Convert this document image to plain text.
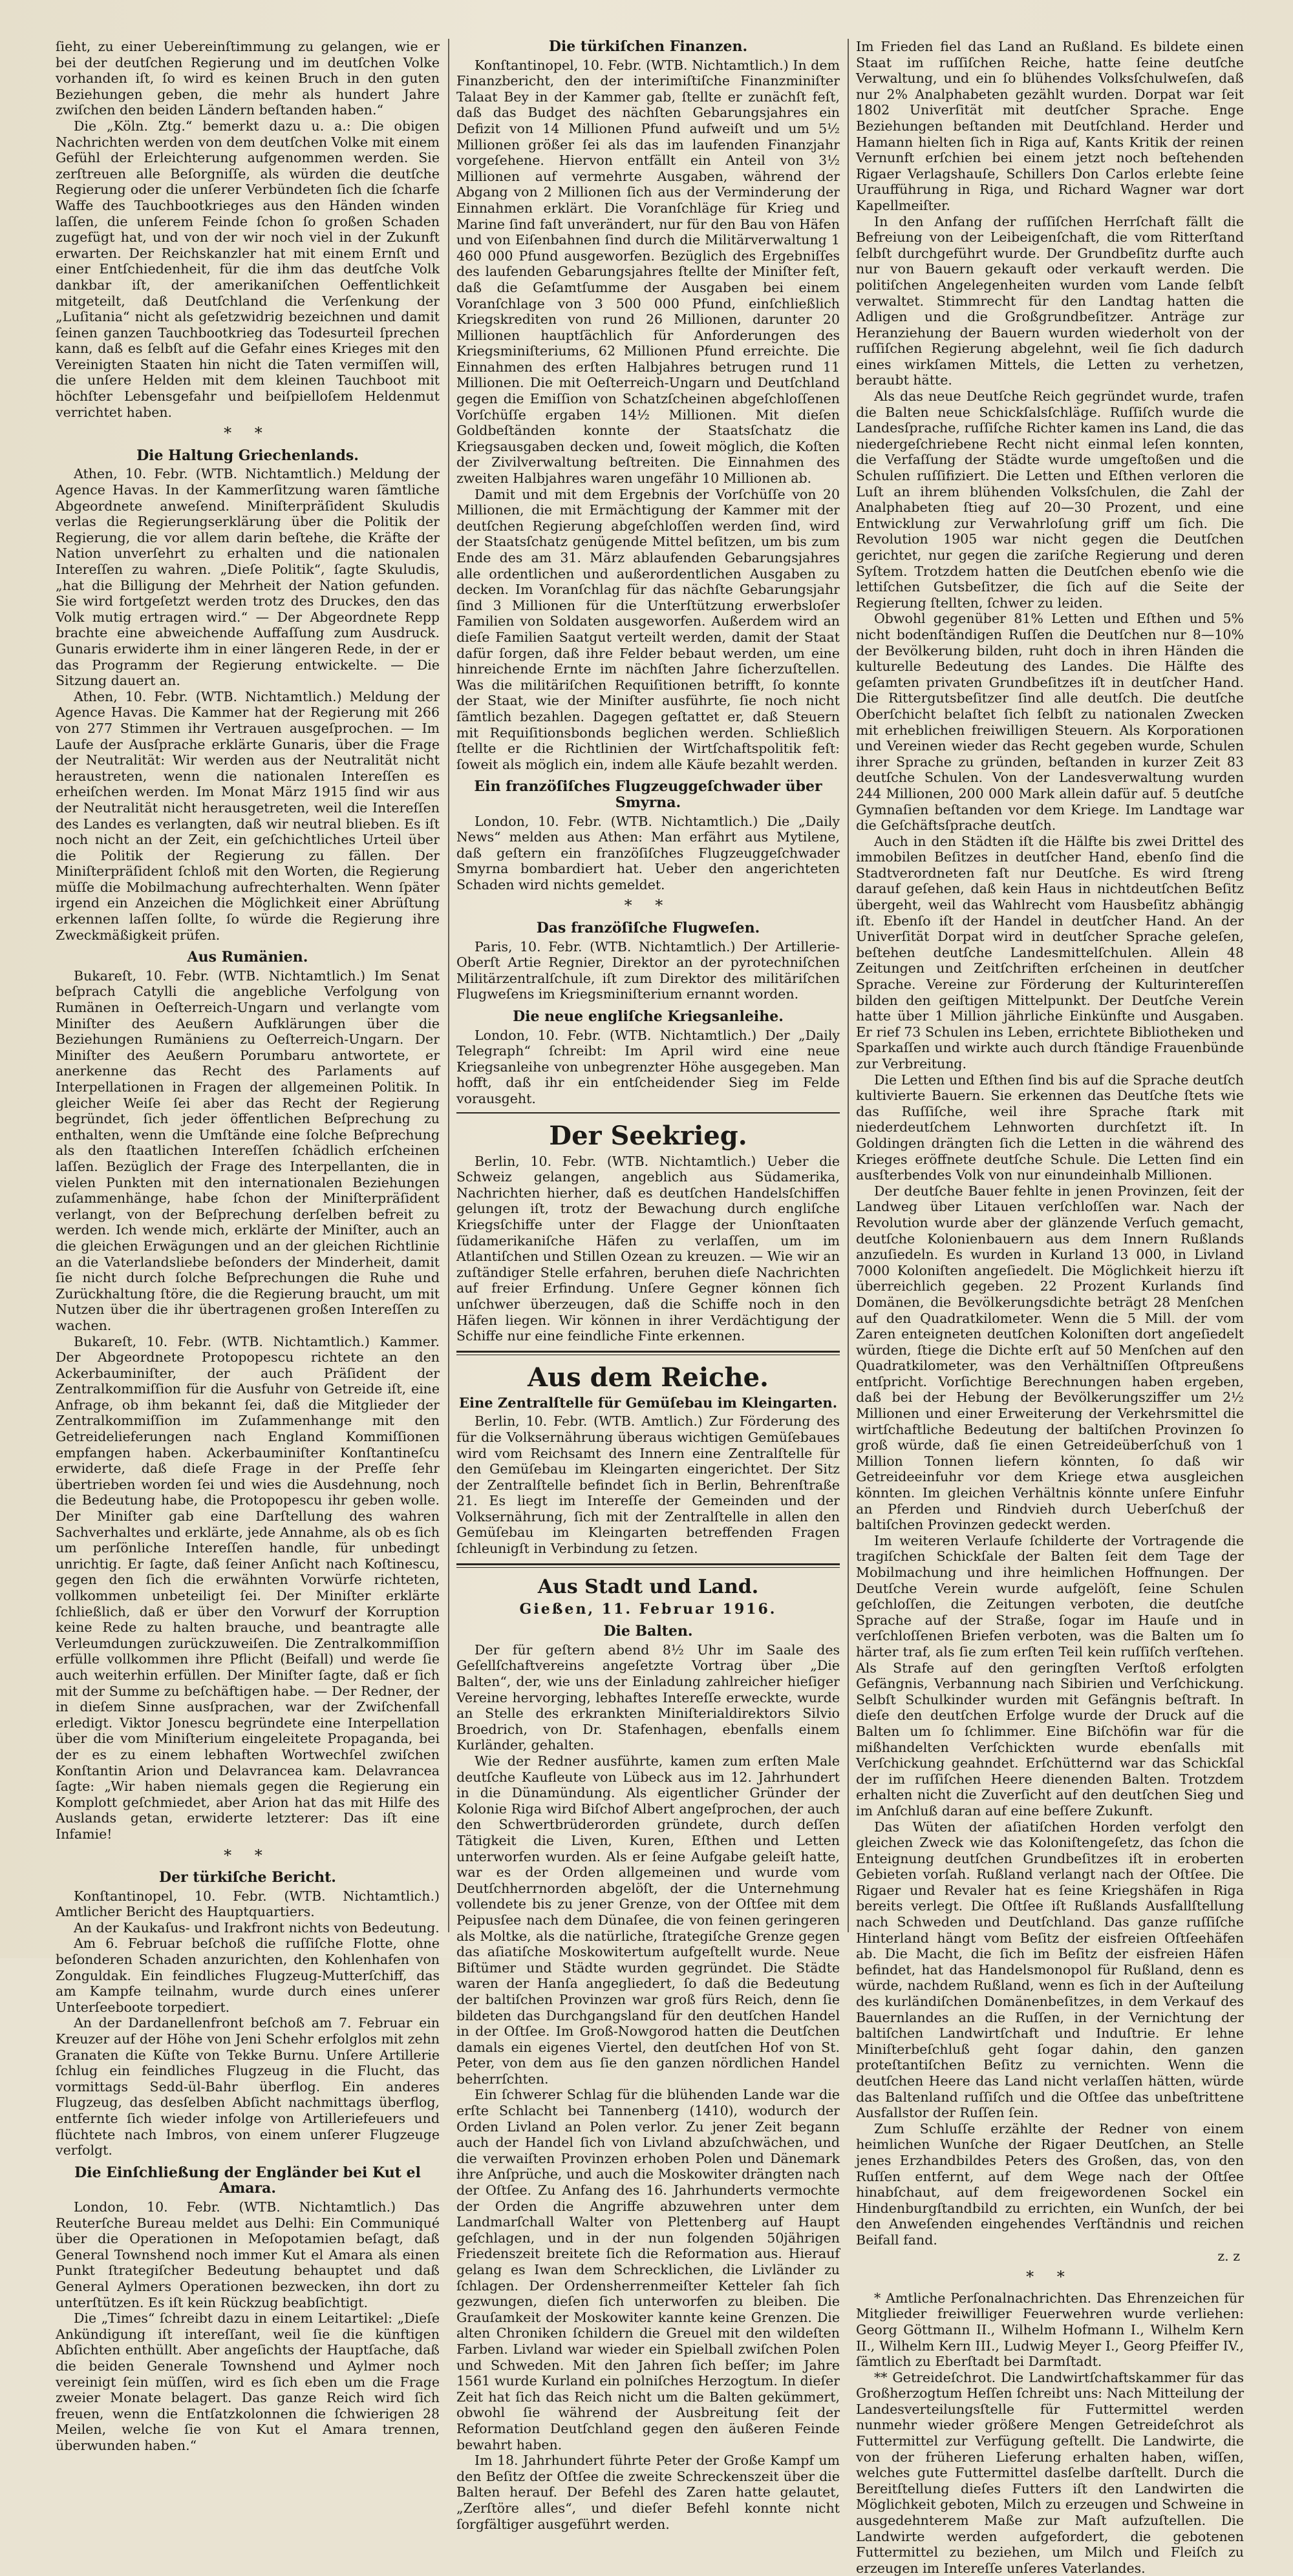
ſieht, zu einer Uebereinſtimmung zu gelangen, wie er bei der deutſchen Regierung und im deutſchen Volke vorhanden iſt, ſo wird es keinen Bruch in den guten Beziehungen geben, die mehr als hundert Jahre zwiſchen den beiden Ländern beſtanden haben.“

Die „Köln. Ztg.“ bemerkt dazu u. a.: Die obigen Nachrichten werden von dem deutſchen Volke mit einem Gefühl der Erleichterung aufgenommen werden. Sie zerſtreuen alle Beſorgniſſe, als würden die deutſche Regierung oder die unſerer Verbündeten ſich die ſcharfe Waffe des Tauchbootkrieges aus den Händen winden laſſen, die unſerem Feinde ſchon ſo großen Schaden zugefügt hat, und von der wir noch viel in der Zukunft erwarten. Der Reichskanzler hat mit einem Ernſt und einer Entſchiedenheit, für die ihm das deutſche Volk dankbar iſt, der amerikaniſchen Oeffentlichkeit mitgeteilt, daß Deutſchland die Verſenkung der „Luſitania“ nicht als geſetzwidrig bezeichnen und damit ſeinen ganzen Tauchbootkrieg das Todesurteil ſprechen kann, daß es ſelbſt auf die Gefahr eines Krieges mit den Vereinigten Staaten hin nicht die Taten vermiſſen will, die unſere Helden mit dem kleinen Tauchboot mit höchſter Lebensgefahr und beiſpielloſem Heldenmut verrichtet haben.

* *
Die Haltung Griechenlands.

Athen, 10. Febr. (WTB. Nichtamtlich.) Meldung der Agence Havas. In der Kammerſitzung waren ſämtliche Abgeordnete anweſend. Miniſterpräſident Skuludis verlas die Regierungserklärung über die Politik der Regierung, die vor allem darin beſtehe, die Kräfte der Nation unverſehrt zu erhalten und die nationalen Intereſſen zu wahren. „Dieſe Politik“, ſagte Skuludis, „hat die Billigung der Mehrheit der Nation gefunden. Sie wird fortgeſetzt werden trotz des Druckes, den das Volk mutig ertragen wird.“ — Der Abgeordnete Repp brachte eine abweichende Auffaſſung zum Ausdruck. Gunaris erwiderte ihm in einer längeren Rede, in der er das Programm der Regierung entwickelte. — Die Sitzung dauert an.

Athen, 10. Febr. (WTB. Nichtamtlich.) Meldung der Agence Havas. Die Kammer hat der Regierung mit 266 von 277 Stimmen ihr Vertrauen ausgeſprochen. — Im Laufe der Ausſprache erklärte Gunaris, über die Frage der Neutralität: Wir werden aus der Neutralität nicht heraustreten, wenn die nationalen Intereſſen es erheiſchen werden. Im Monat März 1915 ſind wir aus der Neutralität nicht herausgetreten, weil die Intereſſen des Landes es verlangten, daß wir neutral blieben. Es iſt noch nicht an der Zeit, ein geſchichtliches Urteil über die Politik der Regierung zu fällen. Der Miniſterpräſident ſchloß mit den Worten, die Regierung müſſe die Mobilmachung aufrechterhalten. Wenn ſpäter irgend ein Anzeichen die Möglichkeit einer Abrüſtung erkennen laſſen ſollte, ſo würde die Regierung ihre Zweckmäßigkeit prüfen.

Aus Rumänien.

Bukareſt, 10. Febr. (WTB. Nichtamtlich.) Im Senat beſprach Catylli die angebliche Verfolgung von Rumänen in Oeſterreich-Ungarn und verlangte vom Miniſter des Aeußern Aufklärungen über die Beziehungen Rumäniens zu Oeſterreich-Ungarn. Der Miniſter des Aeußern Porumbaru antwortete, er anerkenne das Recht des Parlaments auf Interpellationen in Fragen der allgemeinen Politik. In gleicher Weiſe ſei aber das Recht der Regierung begründet, ſich jeder öffentlichen Beſprechung zu enthalten, wenn die Umſtände eine ſolche Beſprechung als den ſtaatlichen Intereſſen ſchädlich erſcheinen laſſen. Bezüglich der Frage des Interpellanten, die in vielen Punkten mit den internationalen Beziehungen zuſammenhänge, habe ſchon der Miniſterpräſident verlangt, von der Beſprechung derſelben befreit zu werden. Ich wende mich, erklärte der Miniſter, auch an die gleichen Erwägungen und an der gleichen Richtlinie an die Vaterlandsliebe beſonders der Minderheit, damit ſie nicht durch ſolche Beſprechungen die Ruhe und Zurückhaltung ſtöre, die die Regierung braucht, um mit Nutzen über die ihr übertragenen großen Intereſſen zu wachen.

Bukareſt, 10. Febr. (WTB. Nichtamtlich.) Kammer. Der Abgeordnete Protopopescu richtete an den Ackerbauminiſter, der auch Präſident der Zentralkommiſſion für die Ausfuhr von Getreide iſt, eine Anfrage, ob ihm bekannt ſei, daß die Mitglieder der Zentralkommiſſion im Zuſammenhange mit den Getreidelieferungen nach England Kommiſſionen empfangen haben. Ackerbauminiſter Konſtantineſcu erwiderte, daß dieſe Frage in der Preſſe ſehr übertrieben worden ſei und wies die Ausdehnung, noch die Bedeutung habe, die Protopopescu ihr geben wolle. Der Miniſter gab eine Darſtellung des wahren Sachverhaltes und erklärte, jede Annahme, als ob es ſich um perſönliche Intereſſen handle, für unbedingt unrichtig. Er ſagte, daß ſeiner Anſicht nach Koſtinescu, gegen den ſich die erwähnten Vorwürfe richteten, vollkommen unbeteiligt ſei. Der Miniſter erklärte ſchließlich, daß er über den Vorwurf der Korruption keine Rede zu halten brauche, und beantragte alle Verleumdungen zurückzuweiſen. Die Zentralkommiſſion erfülle vollkommen ihre Pflicht (Beifall) und werde ſie auch weiterhin erfüllen. Der Miniſter ſagte, daß er ſich mit der Summe zu beſchäftigen habe. — Der Redner, der in dieſem Sinne ausſprachen, war der Zwiſchenfall erledigt. Viktor Jonescu begründete eine Interpellation über die vom Miniſterium eingeleitete Propaganda, bei der es zu einem lebhaften Wortwechſel zwiſchen Konſtantin Arion und Delavrancea kam. Delavrancea ſagte: „Wir haben niemals gegen die Regierung ein Komplott geſchmiedet, aber Arion hat das mit Hilfe des Auslands getan, erwiderte letzterer: Das iſt eine Infamie!

* *
Der türkiſche Bericht.

Konſtantinopel, 10. Febr. (WTB. Nichtamtlich.) Amtlicher Bericht des Hauptquartiers.

An der Kaukaſus- und Irakfront nichts von Bedeutung.

Am 6. Februar beſchoß die ruſſiſche Flotte, ohne beſonderen Schaden anzurichten, den Kohlenhafen von Zonguldak. Ein feindliches Flugzeug-Mutterſchiff, das am Kampfe teilnahm, wurde durch eines unſerer Unterſeeboote torpediert.

An der Dardanellenfront beſchoß am 7. Februar ein Kreuzer auf der Höhe von Jeni Schehr erfolglos mit zehn Granaten die Küſte von Tekke Burnu. Unſere Artillerie ſchlug ein feindliches Flugzeug in die Flucht, das vormittags Sedd-ül-Bahr überflog. Ein anderes Flugzeug, das desſelben Abſicht nachmittags überflog, entfernte ſich wieder infolge von Artilleriefeuers und flüchtete nach Imbros, von einem unſerer Flugzeuge verfolgt.

Die Einſchließung der Engländer bei Kut el Amara.

London, 10. Febr. (WTB. Nichtamtlich.) Das Reuterſche Bureau meldet aus Delhi: Ein Communiqué über die Operationen in Meſopotamien beſagt, daß General Townshend noch immer Kut el Amara als einen Punkt ſtrategiſcher Bedeutung behauptet und daß General Aylmers Operationen bezwecken, ihn dort zu unterſtützen. Es iſt kein Rückzug beabſichtigt.

Die „Times“ ſchreibt dazu in einem Leitartikel: „Dieſe Ankündigung iſt intereſſant, weil ſie die künftigen Abſichten enthüllt. Aber angeſichts der Hauptſache, daß die beiden Generale Townshend und Aylmer noch vereinigt ſein müſſen, wird es ſich eben um die Frage zweier Monate belagert. Das ganze Reich wird ſich freuen, wenn die Entſatzkolonnen die ſchwierigen 28 Meilen, welche ſie von Kut el Amara trennen, überwunden haben.“

Die türkiſchen Finanzen.

Konſtantinopel, 10. Febr. (WTB. Nichtamtlich.) In dem Finanzbericht, den der interimiſtiſche Finanzminiſter Talaat Bey in der Kammer gab, ſtellte er zunächſt feſt, daß das Budget des nächſten Gebarungsjahres ein Defizit von 14 Millionen Pfund aufweiſt und um 5½ Millionen größer ſei als das im laufenden Finanzjahr vorgeſehene. Hiervon entfällt ein Anteil von 3½ Millionen auf vermehrte Ausgaben, während der Abgang von 2 Millionen ſich aus der Verminderung der Einnahmen erklärt. Die Voranſchläge für Krieg und Marine ſind faſt unverändert, nur für den Bau von Häfen und von Eiſenbahnen ſind durch die Militärverwaltung 1 460 000 Pfund ausgeworfen. Bezüglich des Ergebniſſes des laufenden Gebarungsjahres ſtellte der Miniſter feſt, daß die Geſamtſumme der Ausgaben bei einem Voranſchlage von 3 500 000 Pfund, einſchließlich Kriegskrediten von rund 26 Millionen, darunter 20 Millionen hauptſächlich für Anforderungen des Kriegsminiſteriums, 62 Millionen Pfund erreichte. Die Einnahmen des erſten Halbjahres betrugen rund 11 Millionen. Die mit Oeſterreich-Ungarn und Deutſchland gegen die Emiſſion von Schatzſcheinen abgeſchloſſenen Vorſchüſſe ergaben 14½ Millionen. Mit dieſen Goldbeſtänden konnte der Staatsſchatz die Kriegsausgaben decken und, ſoweit möglich, die Koſten der Zivilverwaltung beſtreiten. Die Einnahmen des zweiten Halbjahres waren ungefähr 10 Millionen ab.

Damit und mit dem Ergebnis der Vorſchüſſe von 20 Millionen, die mit Ermächtigung der Kammer mit der deutſchen Regierung abgeſchloſſen werden ſind, wird der Staatsſchatz genügende Mittel beſitzen, um bis zum Ende des am 31. März ablaufenden Gebarungsjahres alle ordentlichen und außerordentlichen Ausgaben zu decken. Im Voranſchlag für das nächſte Gebarungsjahr ſind 3 Millionen für die Unterſtützung erwerbsloſer Familien von Soldaten ausgeworfen. Außerdem wird an dieſe Familien Saatgut verteilt werden, damit der Staat dafür ſorgen, daß ihre Felder bebaut werden, um eine hinreichende Ernte im nächſten Jahre ſicherzuſtellen. Was die militäriſchen Requiſitionen betrifft, ſo konnte der Staat, wie der Miniſter ausführte, ſie noch nicht ſämtlich bezahlen. Dagegen geſtattet er, daß Steuern mit Requiſitionsbonds beglichen werden. Schließlich ſtellte er die Richtlinien der Wirtſchaftspolitik feſt: ſoweit als möglich ein, indem alle Käufe bezahlt werden.

Ein franzöſiſches Flugzeuggeſchwader über Smyrna.

London, 10. Febr. (WTB. Nichtamtlich.) Die „Daily News“ melden aus Athen: Man erfährt aus Mytilene, daß geſtern ein franzöſiſches Flugzeuggeſchwader Smyrna bombardiert hat. Ueber den angerichteten Schaden wird nichts gemeldet.

* *
Das franzöſiſche Flugweſen.

Paris, 10. Febr. (WTB. Nichtamtlich.) Der Artillerie-Oberſt Artie Regnier, Direktor an der pyrotechniſchen Militärzentralſchule, iſt zum Direktor des militäriſchen Flugweſens im Kriegsminiſterium ernannt worden.

Die neue engliſche Kriegsanleihe.

London, 10. Febr. (WTB. Nichtamtlich.) Der „Daily Telegraph“ ſchreibt: Im April wird eine neue Kriegsanleihe von unbegrenzter Höhe ausgegeben. Man hofft, daß ihr ein entſcheidender Sieg im Felde vorausgeht.

Der Seekrieg.

Berlin, 10. Febr. (WTB. Nichtamtlich.) Ueber die Schweiz gelangen, angeblich aus Südamerika, Nachrichten hierher, daß es deutſchen Handelsſchiffen gelungen iſt, trotz der Bewachung durch engliſche Kriegsſchiffe unter der Flagge der Unionſtaaten ſüdamerikaniſche Häfen zu verlaſſen, um im Atlantiſchen und Stillen Ozean zu kreuzen. — Wie wir an zuſtändiger Stelle erfahren, beruhen dieſe Nachrichten auf freier Erfindung. Unſere Gegner können ſich unſchwer überzeugen, daß die Schiffe noch in den Häfen liegen. Wir können in ihrer Verdächtigung der Schiffe nur eine feindliche Finte erkennen.

Aus dem Reiche.
Eine Zentralſtelle für Gemüſebau im Kleingarten.

Berlin, 10. Febr. (WTB. Amtlich.) Zur Förderung des für die Volksernährung überaus wichtigen Gemüſebaues wird vom Reichsamt des Innern eine Zentralſtelle für den Gemüſebau im Kleingarten eingerichtet. Der Sitz der Zentralſtelle befindet ſich in Berlin, Behrenſtraße 21. Es liegt im Intereſſe der Gemeinden und der Volksernährung, ſich mit der Zentralſtelle in allen den Gemüſebau im Kleingarten betreffenden Fragen ſchleunigſt in Verbindung zu ſetzen.

Aus Stadt und Land.
Gießen, 11. Februar 1916.
Die Balten.

Der für geſtern abend 8½ Uhr im Saale des Geſellſchaftvereins angeſetzte Vortrag über „Die Balten“, der, wie uns der Einladung zahlreicher hieſiger Vereine hervorging, lebhaftes Intereſſe erweckte, wurde an Stelle des erkrankten Miniſterialdirektors Silvio Broedrich, von Dr. Stafenhagen, ebenfalls einem Kurländer, gehalten.

Wie der Redner ausführte, kamen zum erſten Male deutſche Kaufleute von Lübeck aus im 12. Jahrhundert in die Dünamündung. Als eigentlicher Gründer der Kolonie Riga wird Biſchof Albert angeſprochen, der auch den Schwertbrüderorden gründete, durch deſſen Tätigkeit die Liven, Kuren, Eſthen und Letten unterworfen wurden. Als er ſeine Aufgabe geleiſt hatte, war es der Orden allgemeinen und wurde vom Deutſchherrnorden abgelöſt, der die Unternehmung vollendete bis zu jener Grenze, von der Oſtſee mit dem Peipusſee nach dem Dünaſee, die von feinen geringeren als Moltke, als die natürliche, ſtrategiſche Grenze gegen das aſiatiſche Moskowitertum aufgeſtellt wurde. Neue Biſtümer und Städte wurden gegründet. Die Städte waren der Hanſa angegliedert, ſo daß die Bedeutung der baltiſchen Provinzen war groß fürs Reich, denn ſie bildeten das Durchgangsland für den deutſchen Handel in der Oſtſee. Im Groß-Nowgorod hatten die Deutſchen damals ein eigenes Viertel, den deutſchen Hof von St. Peter, von dem aus ſie den ganzen nördlichen Handel beherrſchten.

Ein ſchwerer Schlag für die blühenden Lande war die erſte Schlacht bei Tannenberg (1410), wodurch der Orden Livland an Polen verlor. Zu jener Zeit begann auch der Handel ſich von Livland abzuſchwächen, und die verwaiſten Provinzen erhoben Polen und Dänemark ihre Anſprüche, und auch die Moskowiter drängten nach der Oſtſee. Zu Anfang des 16. Jahrhunderts vermochte der Orden die Angriffe abzuwehren unter dem Landmarſchall Walter von Plettenberg auf Haupt geſchlagen, und in der nun folgenden 50jährigen Friedenszeit breitete ſich die Reformation aus. Hierauf gelang es Iwan dem Schrecklichen, die Livländer zu ſchlagen. Der Ordensherrenmeiſter Ketteler ſah ſich gezwungen, dieſen ſich unterworfen zu bleiben. Die Grauſamkeit der Moskowiter kannte keine Grenzen. Die alten Chroniken ſchildern die Greuel mit den wildeſten Farben. Livland war wieder ein Spielball zwiſchen Polen und Schweden. Mit den Jahren ſich beſſer; im Jahre 1561 wurde Kurland ein polniſches Herzogtum. In dieſer Zeit hat ſich das Reich nicht um die Balten gekümmert, obwohl ſie während der Ausbreitung ſeit der Reformation Deutſchland gegen den äußeren Feinde bewahrt haben.

Im 18. Jahrhundert führte Peter der Große Kampf um den Beſitz der Oſtſee die zweite Schreckenszeit über die Balten herauf. Der Befehl des Zaren hatte gelautet, „Zerſtöre alles“, und dieſer Befehl konnte nicht ſorgfältiger ausgeführt werden.

Im Frieden fiel das Land an Rußland. Es bildete einen Staat im ruſſiſchen Reiche, hatte ſeine deutſche Verwaltung, und ein ſo blühendes Volksſchulweſen, daß nur 2% Analphabeten gezählt wurden. Dorpat war ſeit 1802 Univerſität mit deutſcher Sprache. Enge Beziehungen beſtanden mit Deutſchland. Herder und Hamann hielten ſich in Riga auf, Kants Kritik der reinen Vernunft erſchien bei einem jetzt noch beſtehenden Rigaer Verlagshauſe, Schillers Don Carlos erlebte ſeine Uraufführung in Riga, und Richard Wagner war dort Kapellmeiſter.

In den Anfang der ruſſiſchen Herrſchaft fällt die Befreiung von der Leibeigenſchaft, die vom Ritterſtand ſelbſt durchgeführt wurde. Der Grundbeſitz durfte auch nur von Bauern gekauft oder verkauft werden. Die politiſchen Angelegenheiten wurden vom Lande ſelbſt verwaltet. Stimmrecht für den Landtag hatten die Adligen und die Großgrundbeſitzer. Anträge zur Heranziehung der Bauern wurden wiederholt von der ruſſiſchen Regierung abgelehnt, weil ſie ſich dadurch eines wirkſamen Mittels, die Letten zu verhetzen, beraubt hätte.

Als das neue Deutſche Reich gegründet wurde, trafen die Balten neue Schickſalsſchläge. Ruſſiſch wurde die Landesſprache, ruſſiſche Richter kamen ins Land, die das niedergeſchriebene Recht nicht einmal leſen konnten, die Verfaſſung der Städte wurde umgeſtoßen und die Schulen ruſſifiziert. Die Letten und Eſthen verloren die Luſt an ihrem blühenden Volksſchulen, die Zahl der Analphabeten ſtieg auf 20—30 Prozent, und eine Entwicklung zur Verwahrloſung griff um ſich. Die Revolution 1905 war nicht gegen die Deutſchen gerichtet, nur gegen die zariſche Regierung und deren Syſtem. Trotzdem hatten die Deutſchen ebenſo wie die lettiſchen Gutsbeſitzer, die ſich auf die Seite der Regierung ſtellten, ſchwer zu leiden.

Obwohl gegenüber 81% Letten und Eſthen und 5% nicht bodenſtändigen Ruſſen die Deutſchen nur 8—10% der Bevölkerung bilden, ruht doch in ihren Händen die kulturelle Bedeutung des Landes. Die Hälfte des geſamten privaten Grundbeſitzes iſt in deutſcher Hand. Die Rittergutsbeſitzer ſind alle deutſch. Die deutſche Oberſchicht belaſtet ſich ſelbſt zu nationalen Zwecken mit erheblichen freiwilligen Steuern. Als Korporationen und Vereinen wieder das Recht gegeben wurde, Schulen ihrer Sprache zu gründen, beſtanden in kurzer Zeit 83 deutſche Schulen. Von der Landesverwaltung wurden 244 Millionen, 200 000 Mark allein dafür auf. 5 deutſche Gymnaſien beſtanden vor dem Kriege. Im Landtage war die Geſchäftsſprache deutſch.

Auch in den Städten iſt die Hälfte bis zwei Drittel des immobilen Beſitzes in deutſcher Hand, ebenſo ſind die Stadtverordneten faſt nur Deutſche. Es wird ſtreng darauf geſehen, daß kein Haus in nichtdeutſchen Beſitz übergeht, weil das Wahlrecht vom Hausbeſitz abhängig iſt. Ebenſo iſt der Handel in deutſcher Hand. An der Univerſität Dorpat wird in deutſcher Sprache geleſen, beſtehen deutſche Landesmittelſchulen. Allein 48 Zeitungen und Zeitſchriften erſcheinen in deutſcher Sprache. Vereine zur Förderung der Kulturintereſſen bilden den geiſtigen Mittelpunkt. Der Deutſche Verein hatte über 1 Million jährliche Einkünfte und Ausgaben. Er rief 73 Schulen ins Leben, errichtete Bibliotheken und Sparkaſſen und wirkte auch durch ſtändige Frauenbünde zur Verbreitung.

Die Letten und Eſthen ſind bis auf die Sprache deutſch kultivierte Bauern. Sie erkennen das Deutſche ſtets wie das Ruſſiſche, weil ihre Sprache ſtark mit niederdeutſchem Lehnworten durchſetzt iſt. In Goldingen drängten ſich die Letten in die während des Krieges eröffnete deutſche Schule. Die Letten ſind ein ausſterbendes Volk von nur einundeinhalb Millionen.

Der deutſche Bauer fehlte in jenen Provinzen, ſeit der Landweg über Litauen verſchloſſen war. Nach der Revolution wurde aber der glänzende Verſuch gemacht, deutſche Kolonienbauern aus dem Innern Rußlands anzuſiedeln. Es wurden in Kurland 13 000, in Livland 7000 Koloniſten angeſiedelt. Die Möglichkeit hierzu iſt überreichlich gegeben. 22 Prozent Kurlands ſind Domänen, die Bevölkerungsdichte beträgt 28 Menſchen auf den Quadratkilometer. Wenn die 5 Mill. der vom Zaren enteigneten deutſchen Koloniſten dort angeſiedelt würden, ſtiege die Dichte erſt auf 50 Menſchen auf den Quadratkilometer, was den Verhältniſſen Oſtpreußens entſpricht. Vorſichtige Berechnungen haben ergeben, daß bei der Hebung der Bevölkerungsziffer um 2½ Millionen und einer Erweiterung der Verkehrsmittel die wirtſchaftliche Bedeutung der baltiſchen Provinzen ſo groß würde, daß ſie einen Getreideüberſchuß von 1 Million Tonnen liefern könnten, ſo daß wir Getreideeinfuhr vor dem Kriege etwa ausgleichen könnten. Im gleichen Verhältnis könnte unſere Einfuhr an Pferden und Rindvieh durch Ueberſchuß der baltiſchen Provinzen gedeckt werden.

Im weiteren Verlaufe ſchilderte der Vortragende die tragiſchen Schickſale der Balten ſeit dem Tage der Mobilmachung und ihre heimlichen Hoffnungen. Der Deutſche Verein wurde aufgelöſt, ſeine Schulen geſchloſſen, die Zeitungen verboten, die deutſche Sprache auf der Straße, ſogar im Hauſe und in verſchloſſenen Briefen verboten, was die Balten um ſo härter traf, als ſie zum erſten Teil kein ruſſiſch verſtehen. Als Strafe auf den geringſten Verſtoß erfolgten Gefängnis, Verbannung nach Sibirien und Verſchickung. Selbſt Schulkinder wurden mit Gefängnis beſtraft. In dieſe den deutſchen Erfolge wurde der Druck auf die Balten um ſo ſchlimmer. Eine Biſchöfin war für die mißhandelten Verſchickten wurde ebenſalls mit Verſchickung geahndet. Erſchütternd war das Schickſal der im ruſſiſchen Heere dienenden Balten. Trotzdem erhalten nicht die Zuverſicht auf den deutſchen Sieg und im Anſchluß daran auf eine beſſere Zukunft.

Das Wüten der aſiatiſchen Horden verfolgt den gleichen Zweck wie das Koloniſtengeſetz, das ſchon die Enteignung deutſchen Grundbeſitzes iſt in eroberten Gebieten vorſah. Rußland verlangt nach der Oſtſee. Die Rigaer und Revaler hat es ſeine Kriegshäfen in Riga bereits verlegt. Die Oſtſee iſt Rußlands Ausfallſtellung nach Schweden und Deutſchland. Das ganze ruſſiſche Hinterland hängt vom Beſitz der eisfreien Oſtſeehäfen ab. Die Macht, die ſich im Beſitz der eisfreien Häfen befindet, hat das Handelsmonopol für Rußland, denn es würde, nachdem Rußland, wenn es ſich in der Auſteilung des kurländiſchen Domänenbeſitzes, in dem Verkauf des Bauernlandes an die Ruſſen, in der Vernichtung der baltiſchen Landwirtſchaft und Induſtrie. Er lehne Miniſterbeſchluß geht ſogar dahin, den ganzen proteſtantiſchen Beſitz zu vernichten. Wenn die deutſchen Heere das Land nicht verlaſſen hätten, würde das Baltenland ruſſiſch und die Oſtſee das unbeſtrittene Ausfallstor der Ruſſen ſein.

Zum Schluſſe erzählte der Redner von einem heimlichen Wunſche der Rigaer Deutſchen, an Stelle jenes Erzhandbildes Peters des Großen, das, von den Ruſſen entfernt, auf dem Wege nach der Oſtſee hinabſchaut, auf dem freigewordenen Sockel ein Hindenburgſtandbild zu errichten, ein Wunſch, der bei den Anweſenden eingehendes Verſtändnis und reichen Beifall fand.

z. z
* *

* Amtliche Perſonalnachrichten. Das Ehrenzeichen für Mitglieder freiwilliger Feuerwehren wurde verliehen: Georg Göttmann II., Wilhelm Hofmann I., Wilhelm Kern II., Wilhelm Kern III., Ludwig Meyer I., Georg Pfeiffer IV., ſämtlich zu Eberſtadt bei Darmſtadt.

** Getreideſchrot. Die Landwirtſchaftskammer für das Großherzogtum Heſſen ſchreibt uns: Nach Mitteilung der Landesverteilungsſtelle für Futtermittel werden nunmehr wieder größere Mengen Getreideſchrot als Futtermittel zur Verfügung geſtellt. Die Landwirte, die von der früheren Lieferung erhalten haben, wiſſen, welches gute Futtermittel dasſelbe darſtellt. Durch die Bereitſtellung dieſes Futters iſt den Landwirten die Möglichkeit geboten, Milch zu erzeugen und Schweine in ausgedehnterem Maße zur Maſt aufzuſtellen. Die Landwirte werden aufgefordert, die gebotenen Futtermittel zu beziehen, um Milch und Fleiſch zu erzeugen im Intereſſe unſeres Vaterlandes.
